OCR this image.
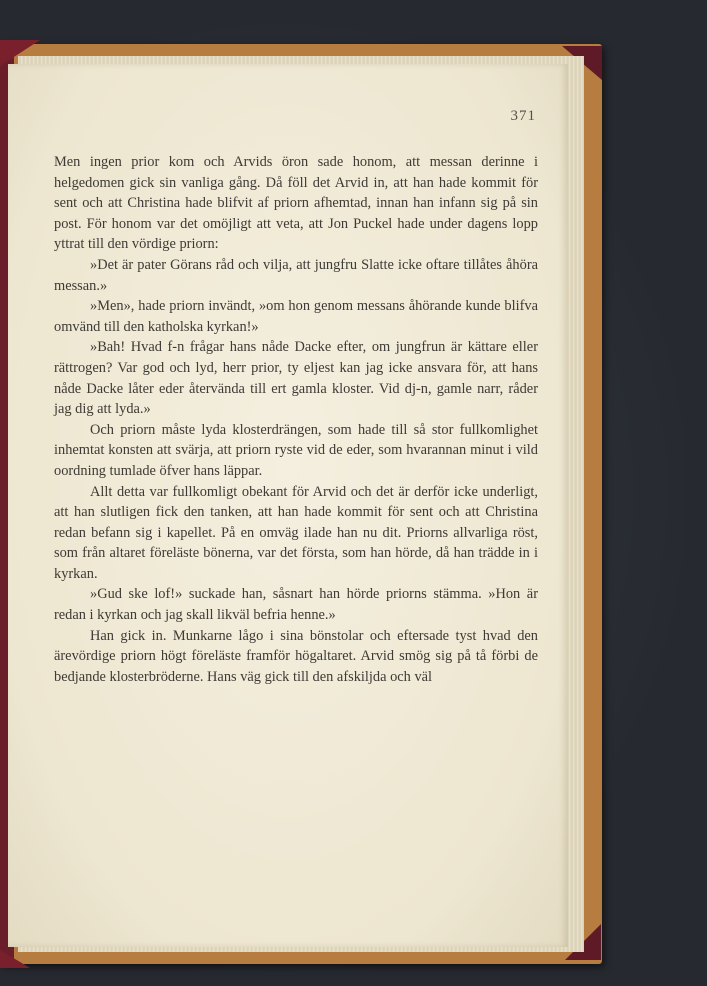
371

Men ingen prior kom och Arvids öron sade honom, att messan derinne i helgedomen gick sin vanliga gång. Då föll det Arvid in, att han hade kommit för sent och att Christina hade blifvit af priorn afhemtad, innan han infann sig på sin post. För honom var det omöjligt att veta, att Jon Puckel hade under dagens lopp yttrat till den vördige priorn:

»Det är pater Görans råd och vilja, att jungfru Slatte icke oftare tillåtes åhöra messan.»

»Men», hade priorn invändt, »om hon genom messans åhörande kunde blifva omvänd till den katholska kyrkan!»

»Bah! Hvad f-n frågar hans nåde Dacke efter, om jungfrun är kättare eller rättrogen? Var god och lyd, herr prior, ty eljest kan jag icke ansvara för, att hans nåde Dacke låter eder återvända till ert gamla kloster. Vid dj-n, gamle narr, råder jag dig att lyda.»

Och priorn måste lyda klosterdrängen, som hade till så stor fullkomlighet inhemtat konsten att svärja, att priorn ryste vid de eder, som hvarannan minut i vild oordning tumlade öfver hans läppar.

Allt detta var fullkomligt obekant för Arvid och det är derför icke underligt, att han slutligen fick den tanken, att han hade kommit för sent och att Christina redan befann sig i kapellet. På en omväg ilade han nu dit. Priorns allvarliga röst, som från altaret föreläste bönerna, var det första, som han hörde, då han trädde in i kyrkan.

»Gud ske lof!» suckade han, såsnart han hörde priorns stämma. »Hon är redan i kyrkan och jag skall likväl befria henne.»

Han gick in. Munkarne lågo i sina bönstolar och eftersade tyst hvad den ärevördige priorn högt föreläste framför högaltaret. Arvid smög sig på tå förbi de bedjande klosterbröderne. Hans väg gick till den afskiljda och väl
